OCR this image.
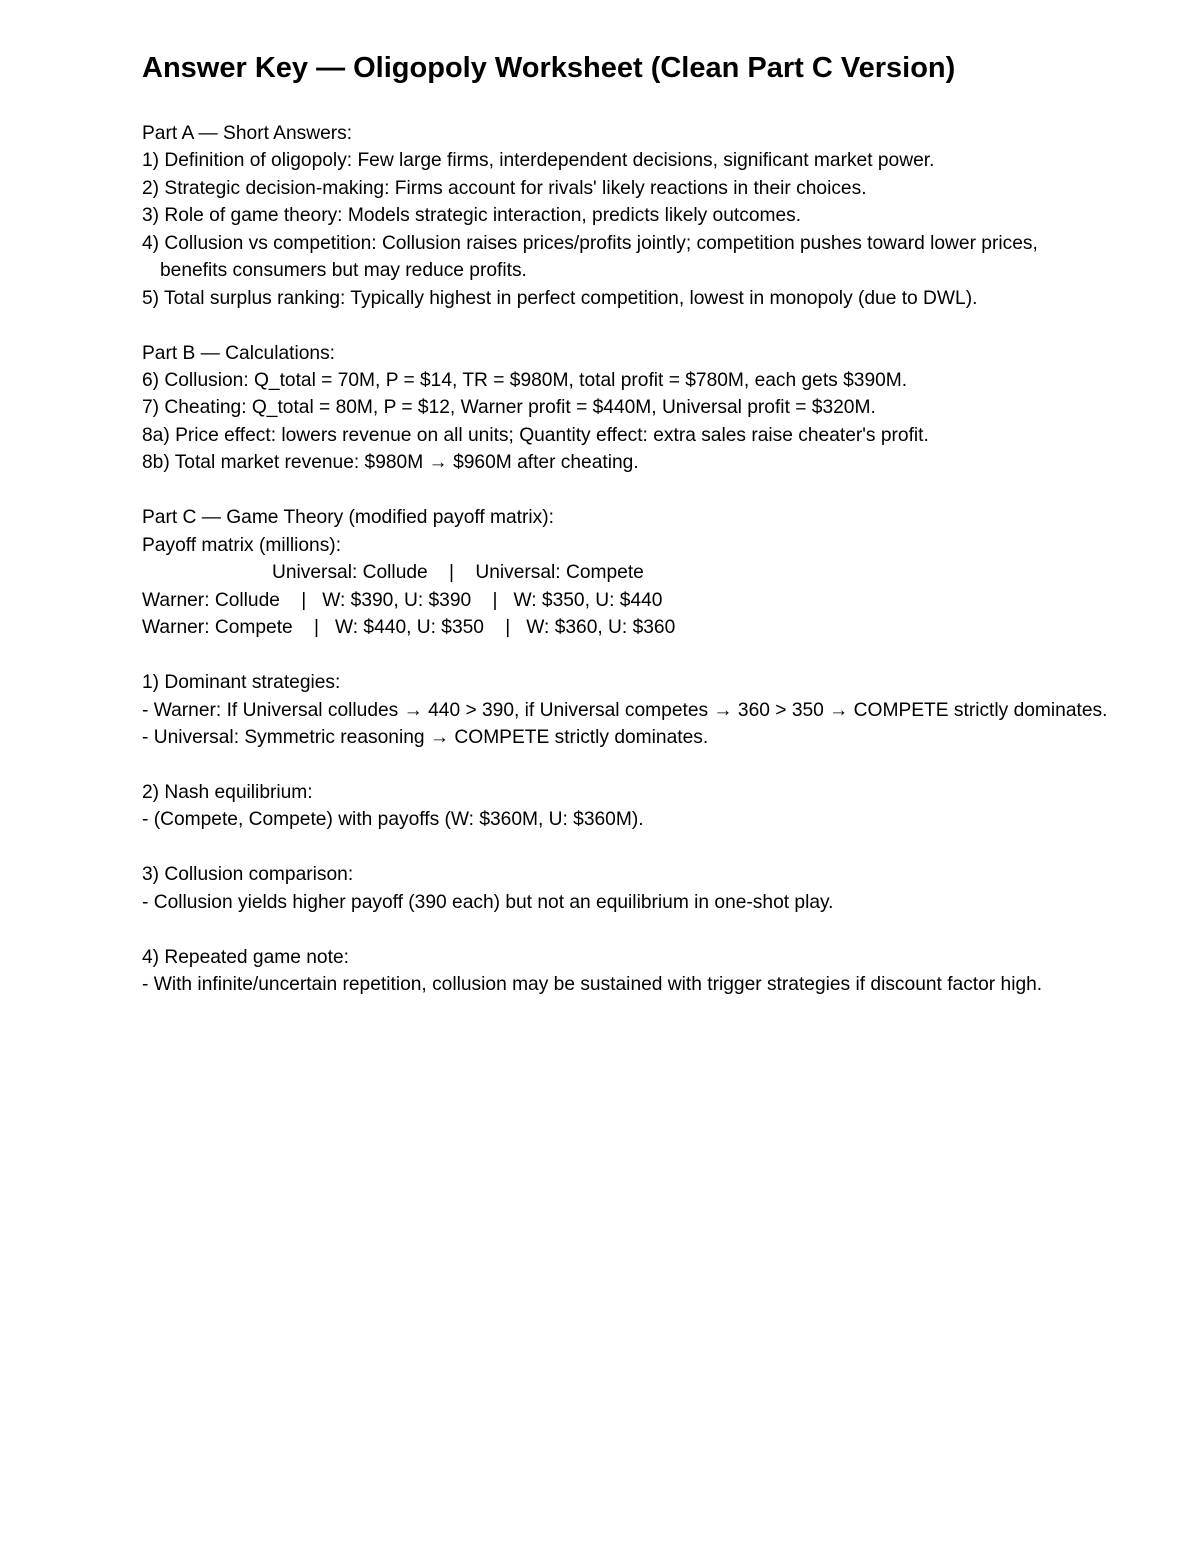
Answer Key — Oligopoly Worksheet (Clean Part C Version)
Part A — Short Answers:
1) Definition of oligopoly: Few large firms, interdependent decisions, significant market power.
2) Strategic decision-making: Firms account for rivals' likely reactions in their choices.
3) Role of game theory: Models strategic interaction, predicts likely outcomes.
4) Collusion vs competition: Collusion raises prices/profits jointly; competition pushes toward lower prices,
benefits consumers but may reduce profits.
5) Total surplus ranking: Typically highest in perfect competition, lowest in monopoly (due to DWL).
Part B — Calculations:
6) Collusion: Q_total = 70M, P = $14, TR = $980M, total profit = $780M, each gets $390M.
7) Cheating: Q_total = 80M, P = $12, Warner profit = $440M, Universal profit = $320M.
8a) Price effect: lowers revenue on all units; Quantity effect: extra sales raise cheater's profit.
8b) Total market revenue: $980M → $960M after cheating.
Part C — Game Theory (modified payoff matrix):
Payoff matrix (millions):
Universal: Collude    |    Universal: Compete
Warner: Collude    |   W: $390, U: $390    |   W: $350, U: $440
Warner: Compete    |   W: $440, U: $350    |   W: $360, U: $360
1) Dominant strategies:
- Warner: If Universal colludes → 440 > 390, if Universal competes → 360 > 350 → COMPETE strictly dominates.
- Universal: Symmetric reasoning → COMPETE strictly dominates.
2) Nash equilibrium:
- (Compete, Compete) with payoffs (W: $360M, U: $360M).
3) Collusion comparison:
- Collusion yields higher payoff (390 each) but not an equilibrium in one-shot play.
4) Repeated game note:
- With infinite/uncertain repetition, collusion may be sustained with trigger strategies if discount factor high.
